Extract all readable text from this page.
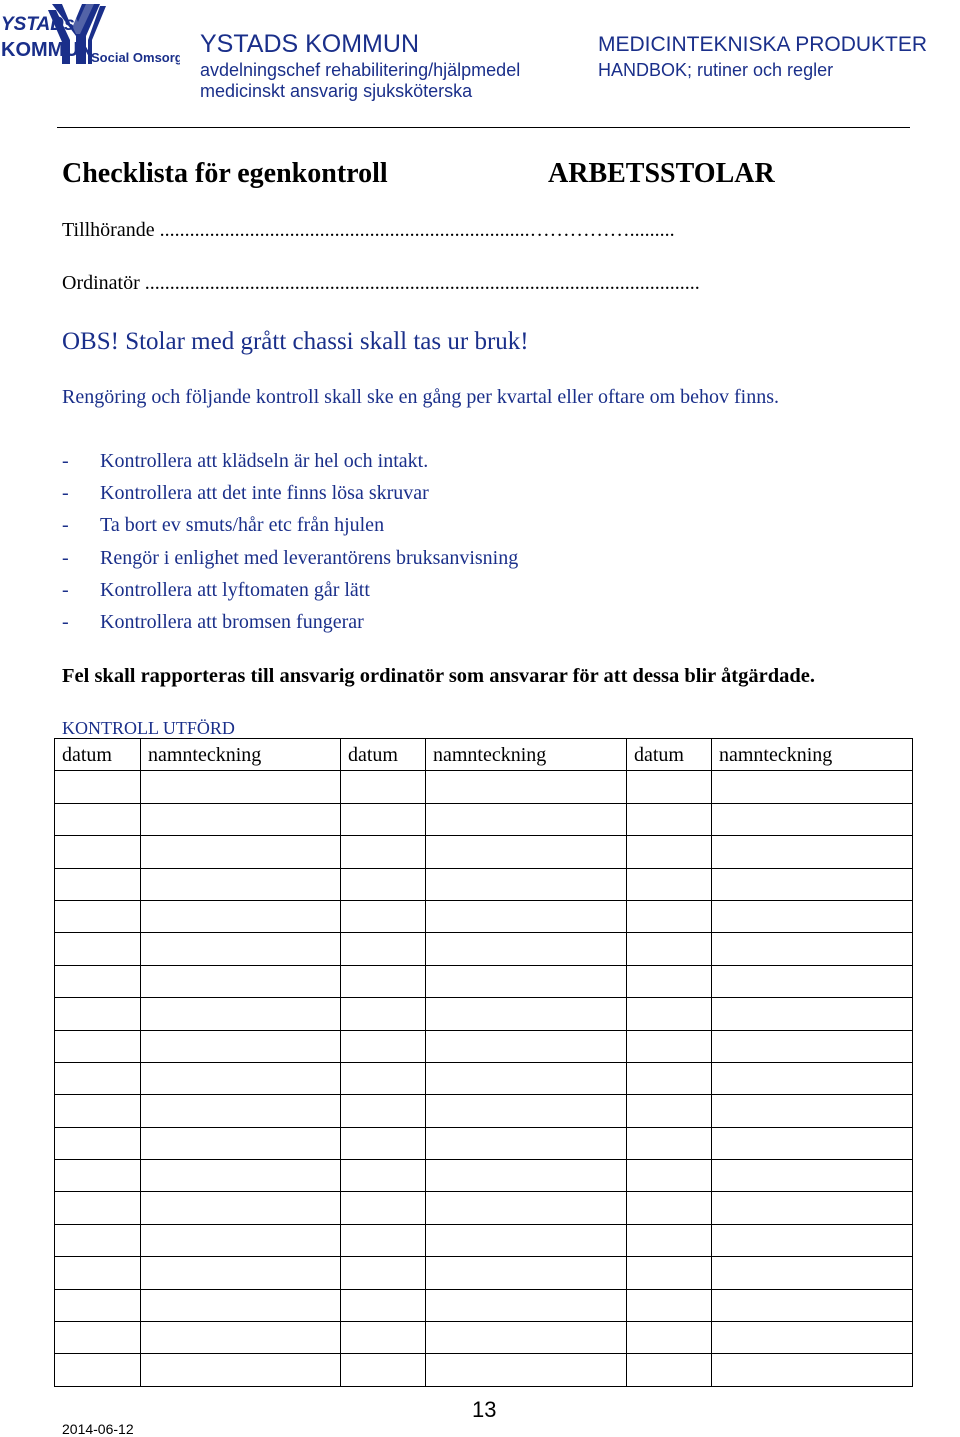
YSTADs
KOMMUN
Social Omsorg YSTADS KOMMUN
avdelningschef rehabilitering/hjälpmedel
medicinskt ansvarig sjuksköterska
MEDICINTEKNISKA PRODUKTER
HANDBOK; rutiner och regler
Checklista för egenkontroll	ARBETSSTOLAR
Tillhörande ..........................................................................…………….........
Ordinatör ...............................................................................................................
OBS! Stolar med grått chassi skall tas ur bruk!
Rengöring och följande kontroll skall ske en gång per kvartal eller oftare om behov finns.
- Kontrollera att klädseln är hel och intakt.
- Kontrollera att det inte finns lösa skruvar
- Ta bort ev smuts/hår etc från hjulen
- Rengör i enlighet med leverantörens bruksanvisning
- Kontrollera att lyftomaten går lätt
- Kontrollera att bromsen fungerar
Fel skall rapporteras till ansvarig ordinatör som ansvarar för att dessa blir åtgärdade.
KONTROLL UTFÖRD
datum	namnteckning	datum	namnteckning	datum	namnteckning

13
2014-06-12
